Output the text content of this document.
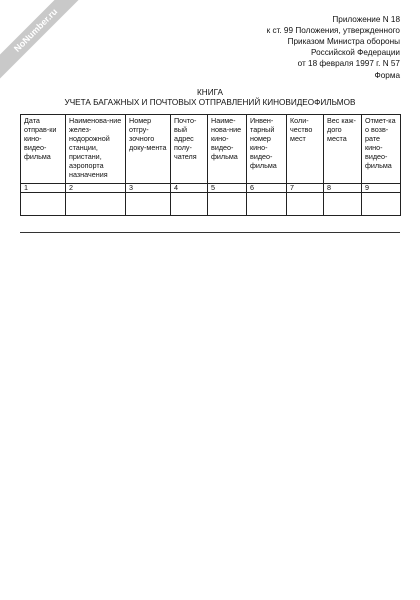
NoNumber.ru	Приложение N 18
к ст. 99 Положения, утвержденного
Приказом Министра обороны
Российской Федерации
от 18 февраля 1997 г. N 57
Форма
КНИГА
УЧЕТА БАГАЖНЫХ И ПОЧТОВЫХ ОТПРАВЛЕНИЙ КИНОВИДЕОФИЛЬМОВ
Дата отправ-ки кино-видео-фильма	Наименова-ние желез-нодорожной станции, пристани, аэропорта назначения	Номер отгру-зочного доку-мента	Почто-вый адрес полу-чателя	Наиме-нова-ние кино-видео-фильма	Инвен-тарный номер кино-видео-фильма	Коли-чество мест	Вес каж-дого места	Отмет-ка о возв-рате кино-видео-фильма
1	2	3	4	5	6	7	8	9
